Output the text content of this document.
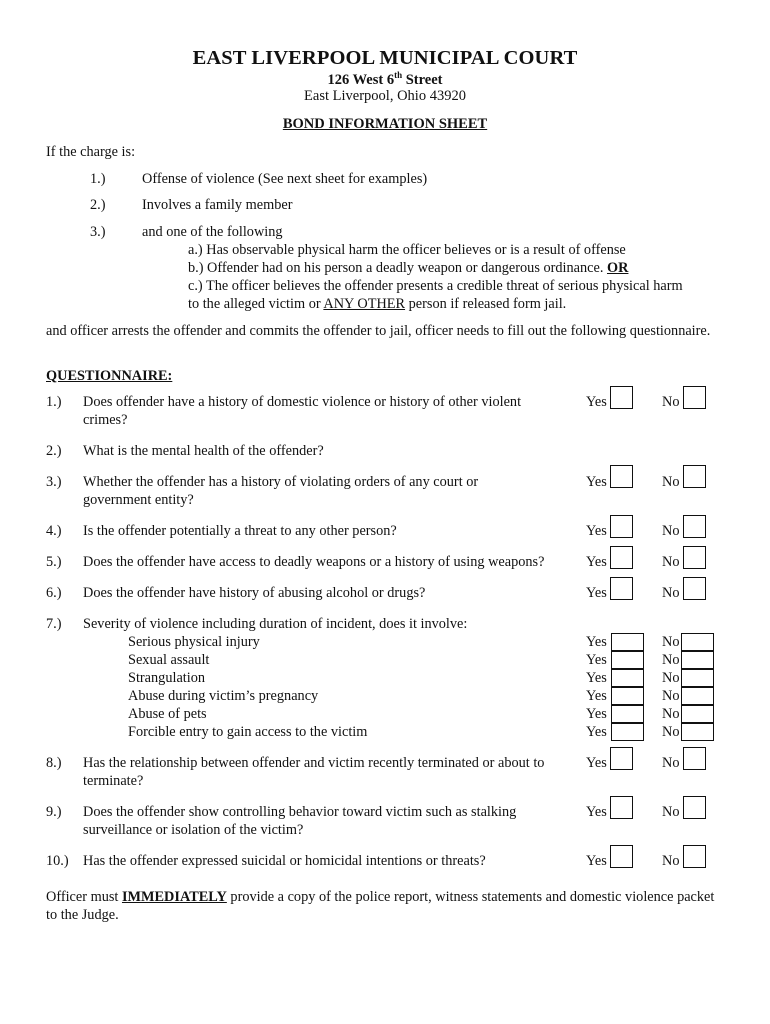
EAST LIVERPOOL MUNICIPAL COURT
126 West 6th Street
East Liverpool, Ohio 43920
BOND INFORMATION SHEET
If the charge is:
1.)	Offense of violence (See next sheet for examples)
2.)	Involves a family member
3.)	and one of the following
a.) Has observable physical harm the officer believes or is a result of offense
b.) Offender had on his person a deadly weapon or dangerous ordinance. OR
c.) The officer believes the offender presents a credible threat of serious physical harm
to the alleged victim or ANY OTHER person if released form jail.
and officer arrests the offender and commits the offender to jail, officer needs to fill out the following questionnaire.
QUESTIONNAIRE:
1.) Does offender have a history of domestic violence or history of other violent
crimes?
Yes	No
2.) What is the mental health of the offender?
3.) Whether the offender has a history of violating orders of any court or
government entity?
Yes	No
4.) Is the offender potentially a threat to any other person?	Yes	No
5.) Does the offender have access to deadly weapons or a history of using weapons?	Yes	No
6.) Does the offender have history of abusing alcohol or drugs?	Yes	No
7.) Severity of violence including duration of incident, does it involve:
Serious physical injury	Yes	No
Sexual assault	Yes	No
Strangulation	Yes	No
Abuse during victim’s pregnancy	Yes	No
Abuse of pets	Yes	No
Forcible entry to gain access to the victim	Yes	No
8.) Has the relationship between offender and victim recently terminated or about to
terminate?
Yes	No
9.) Does the offender show controlling behavior toward victim such as stalking
surveillance or isolation of the victim?
Yes	No
10.) Has the offender expressed suicidal or homicidal intentions or threats?	Yes	No
Officer must IMMEDIATELY provide a copy of the police report, witness statements and domestic violence packet to the Judge.
